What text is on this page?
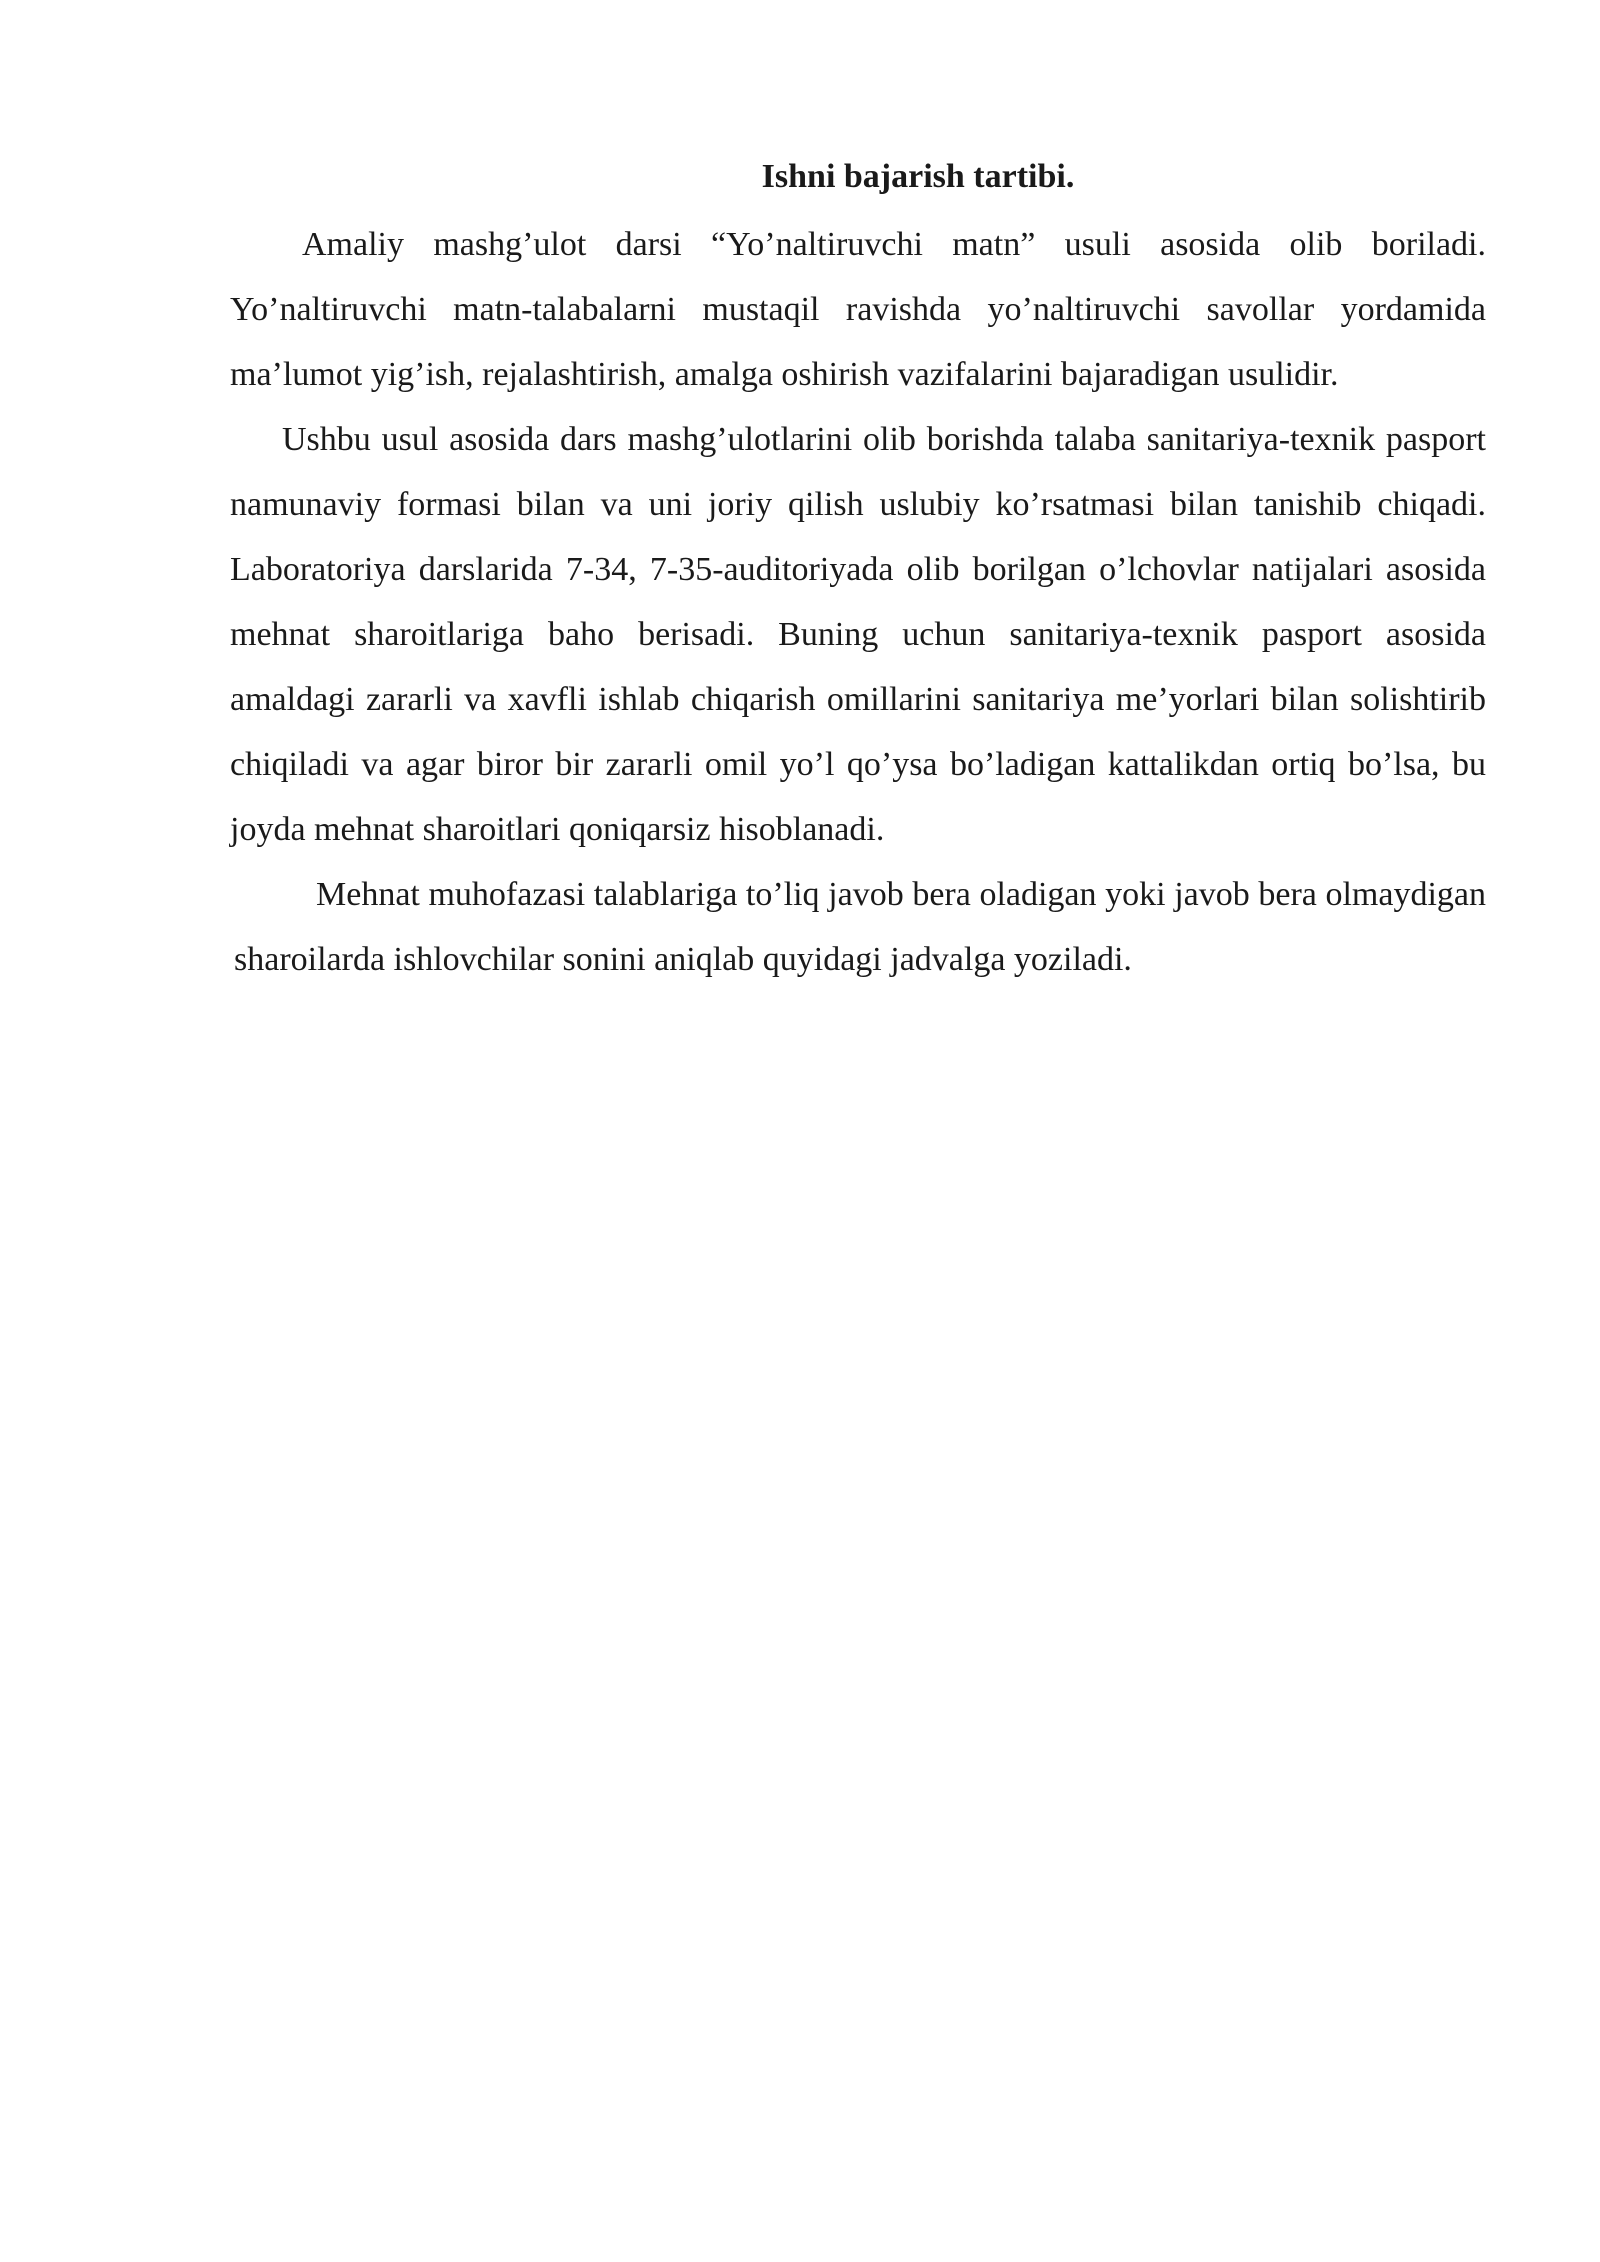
Ishni bajarish tartibi.

Amaliy mashg’ulot darsi “Yo’naltiruvchi matn” usuli asosida olib boriladi. Yo’naltiruvchi matn-talabalarni mustaqil ravishda yo’naltiruvchi savollar yordamida ma’lumot yig’ish, rejalashtirish, amalga oshirish vazifalarini bajaradigan usulidir.

Ushbu usul asosida dars mashg’ulotlarini olib borishda talaba sanitariya-texnik pasport namunaviy formasi bilan va uni joriy qilish uslubiy ko’rsatmasi bilan tanishib chiqadi. Laboratoriya darslarida 7-34, 7-35-auditoriyada olib borilgan o’lchovlar natijalari asosida mehnat sharoitlariga baho berisadi. Buning uchun sanitariya-texnik pasport asosida amaldagi zararli va xavfli ishlab chiqarish omillarini sanitariya me’yorlari bilan solishtirib chiqiladi va agar biror bir zararli omil yo’l qo’ysa bo’ladigan kattalikdan ortiq bo’lsa, bu joyda mehnat sharoitlari qoniqarsiz hisoblanadi.

Mehnat muhofazasi talablariga to’liq javob bera oladigan yoki javob bera olmaydigan sharoilarda ishlovchilar sonini aniqlab quyidagi jadvalga yoziladi.
